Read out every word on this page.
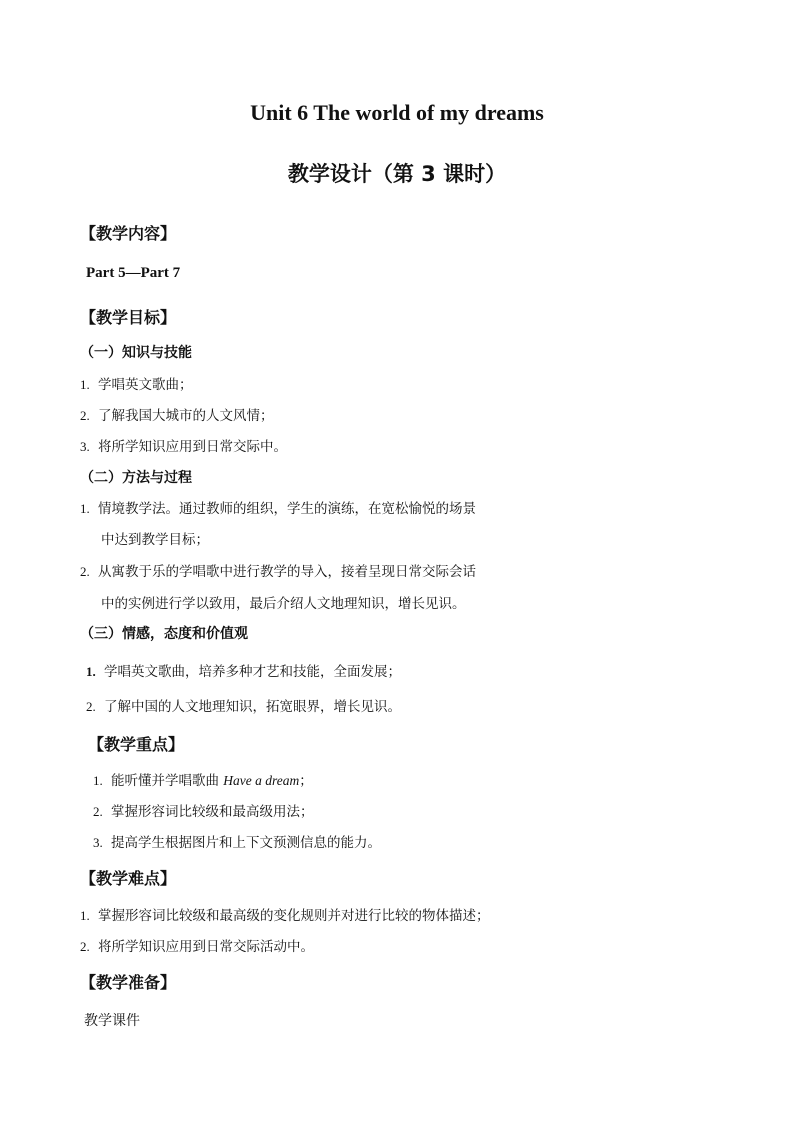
Unit 6 The world of my dreams
教学设计（第 3 课时）
【教学内容】
Part 5—Part 7
【教学目标】
（一）知识与技能
1. 学唱英文歌曲；
2. 了解我国大城市的人文风情；
3. 将所学知识应用到日常交际中。
（二）方法与过程
1. 情境教学法。通过教师的组织，学生的演练，在宽松愉悦的场景
中达到教学目标；
2. 从寓教于乐的学唱歌中进行教学的导入，接着呈现日常交际会话
中的实例进行学以致用，最后介绍人文地理知识，增长见识。
（三）情感，态度和价值观
1. 学唱英文歌曲，培养多种才艺和技能，全面发展；
2. 了解中国的人文地理知识，拓宽眼界，增长见识。
【教学重点】
1. 能听懂并学唱歌曲 Have a dream；
2. 掌握形容词比较级和最高级用法；
3. 提高学生根据图片和上下文预测信息的能力。
【教学难点】
1. 掌握形容词比较级和最高级的变化规则并对进行比较的物体描述；
2. 将所学知识应用到日常交际活动中。
【教学准备】
教学课件
